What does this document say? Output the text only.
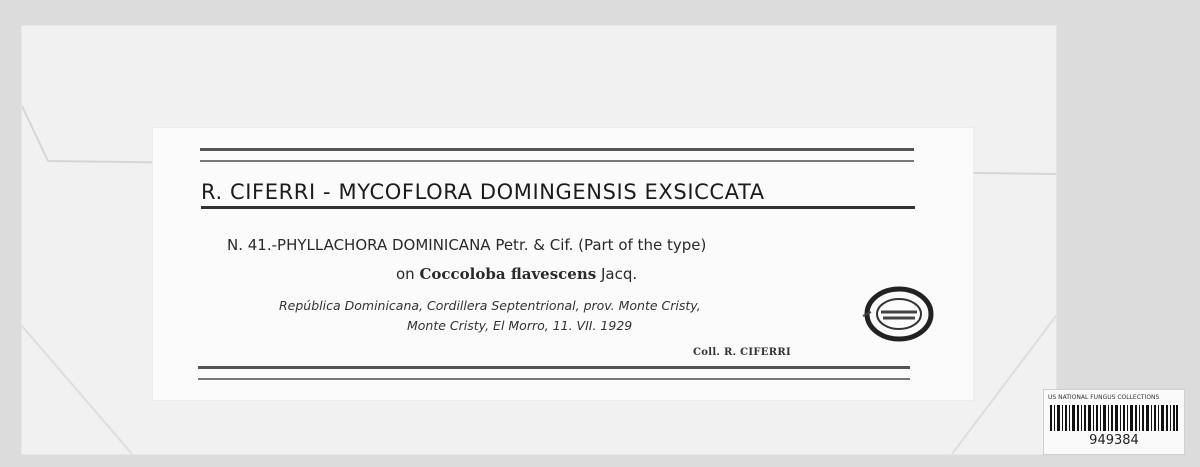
R. CIFERRI - MYCOFLORA DOMINGENSIS EXSICCATA
N. 41.-PHYLLACHORA DOMINICANA Petr. & Cif. (Part of the type)
on Coccoloba flavescens Jacq.
República Dominicana, Cordillera Septentrional, prov. Monte Cristy,
Monte Cristy, El Morro, 11. VII. 1929
Coll. R. CIFERRI
US NATIONAL FUNGUS COLLECTIONS
949384
